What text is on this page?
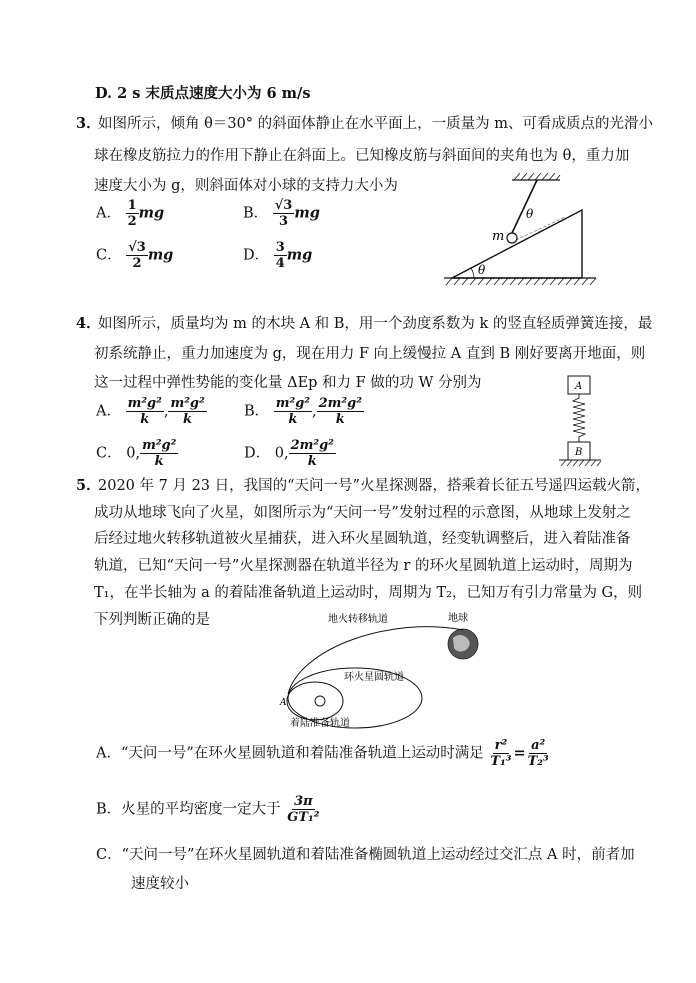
D. 2 s 末质点速度大小为 6 m/s
3．
如图所示，倾角 θ＝30° 的斜面体静止在水平面上，一质量为 m、可看成质点的光滑小
球在橡皮筋拉力的作用下静止在斜面上。已知橡皮筋与斜面间的夹角也为 θ，重力加
速度大小为 g，则斜面体对小球的支持力大小为
A． $\frac{1}{2}$ mg	B． $\frac{√3}{3}$ mg
C． $\frac{√3}{2}$ mg	D． $\frac{3}{4}$ mg
m
θ
θ
4．
如图所示，质量均为 m 的木块 A 和 B，用一个劲度系数为 k 的竖直轻质弹簧连接，最
初系统静止，重力加速度为 g，现在用力 F 向上缓慢拉 A 直到 B 刚好要离开地面，则
这一过程中弹性势能的变化量 ΔEp 和力 F 做的功 W 分别为
A． $\frac{\text{m²g²}}{k}$ , $\frac{\text{m²g²}}{k}$	B． $\frac{\text{m²g²}}{k}$ , $\frac{\text{2m²g²}}{k}$
C． 0, $\frac{\text{m²g²}}{k}$	D． 0, $\frac{\text{2m²g²}}{k}$
A
B
5．
2020 年 7 月 23 日，我国的“天问一号”火星探测器，搭乘着长征五号遥四运载火箭，
成功从地球飞向了火星，如图所示为“天问一号”发射过程的示意图，从地球上发射之
后经过地火转移轨道被火星捕获，进入环火星圆轨道，经变轨调整后，进入着陆准备
轨道，已知“天问一号”火星探测器在轨道半径为 r 的环火星圆轨道上运动时，周期为
T₁，在半长轴为 a 的着陆准备轨道上运动时，周期为 T₂，已知万有引力常量为 G，则
下列判断正确的是	地火转移轨道	地球
环火星圆轨道
A
着陆准备轨道
A．“天问一号”在环火星圆轨道和着陆准备轨道上运动时满足 $\frac{\text{r²}}{\text{T₁³}} = \frac{\text{a²}}{\text{T₂³}}$
B．火星的平均密度一定大于 $\frac{3\pi}{\text{GT₁²}}$
C．“天问一号”在环火星圆轨道和着陆准备椭圆轨道上运动经过交汇点 A 时，前者加
速度较小
